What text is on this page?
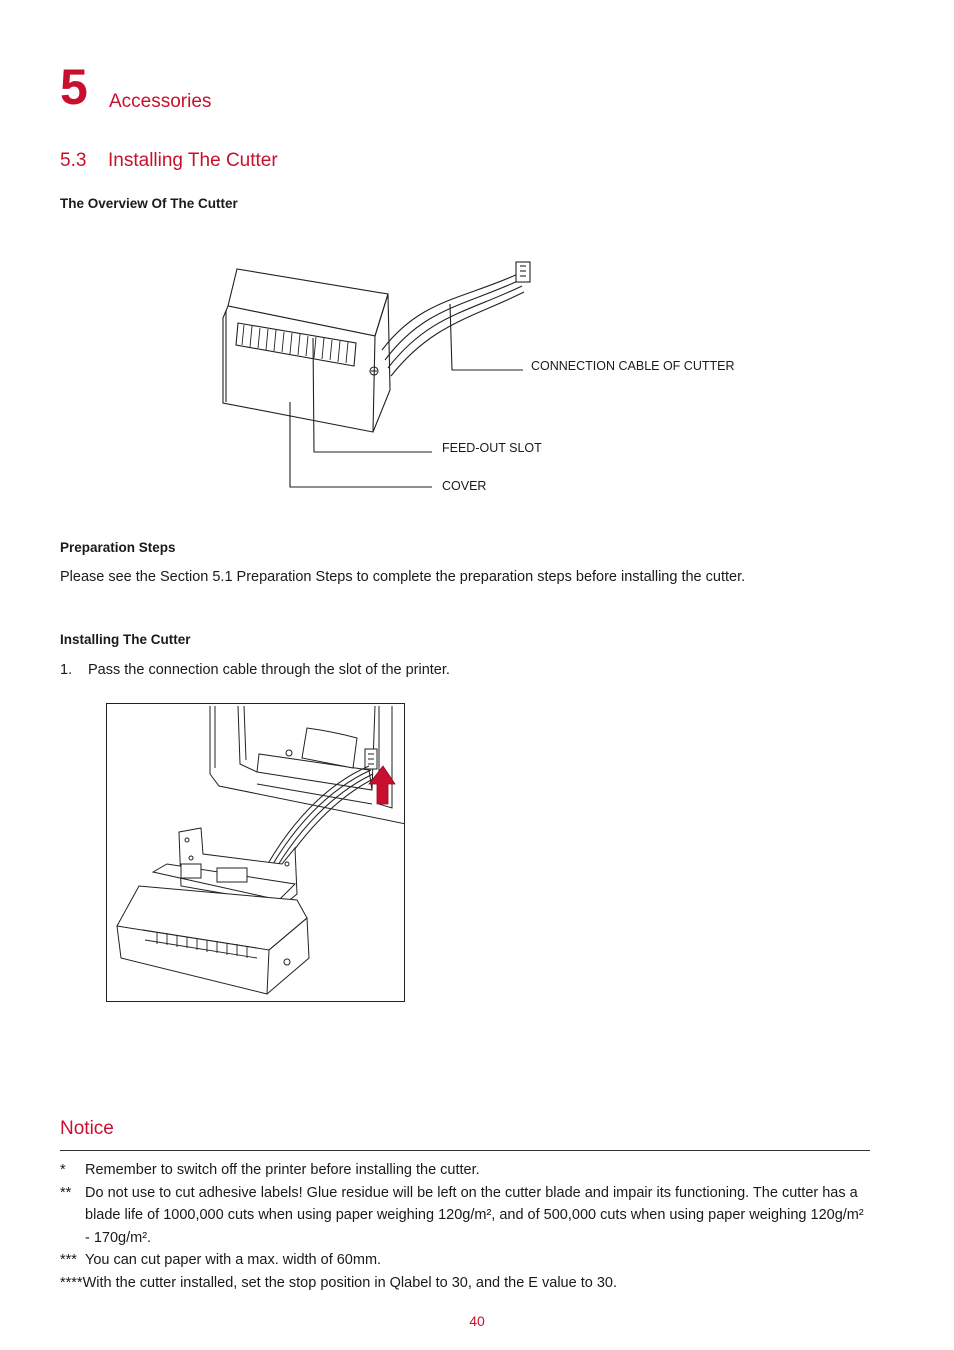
5 Accessories
5.3 Installing The Cutter
The Overview Of The Cutter
CONNECTION CABLE OF CUTTER
FEED-OUT SLOT
COVER
Preparation Steps
Please see the Section 5.1 Preparation Steps to complete the preparation steps before installing the cutter.
Installing The Cutter
1. Pass the connection cable through the slot of the printer.
Notice
*	Remember to switch off the printer before installing the cutter.
** Do not use to cut adhesive labels! Glue residue will be left on the cutter blade and impair its functioning. The cutter has a blade life of 1000,000 cuts when using paper weighing 120g/m², and of 500,000 cuts when using paper weighing 120g/m² - 170g/m².
*** You can cut paper with a max. width of 60mm.
**** With the cutter installed, set the stop position in Qlabel to 30, and the E value to 30.
40
